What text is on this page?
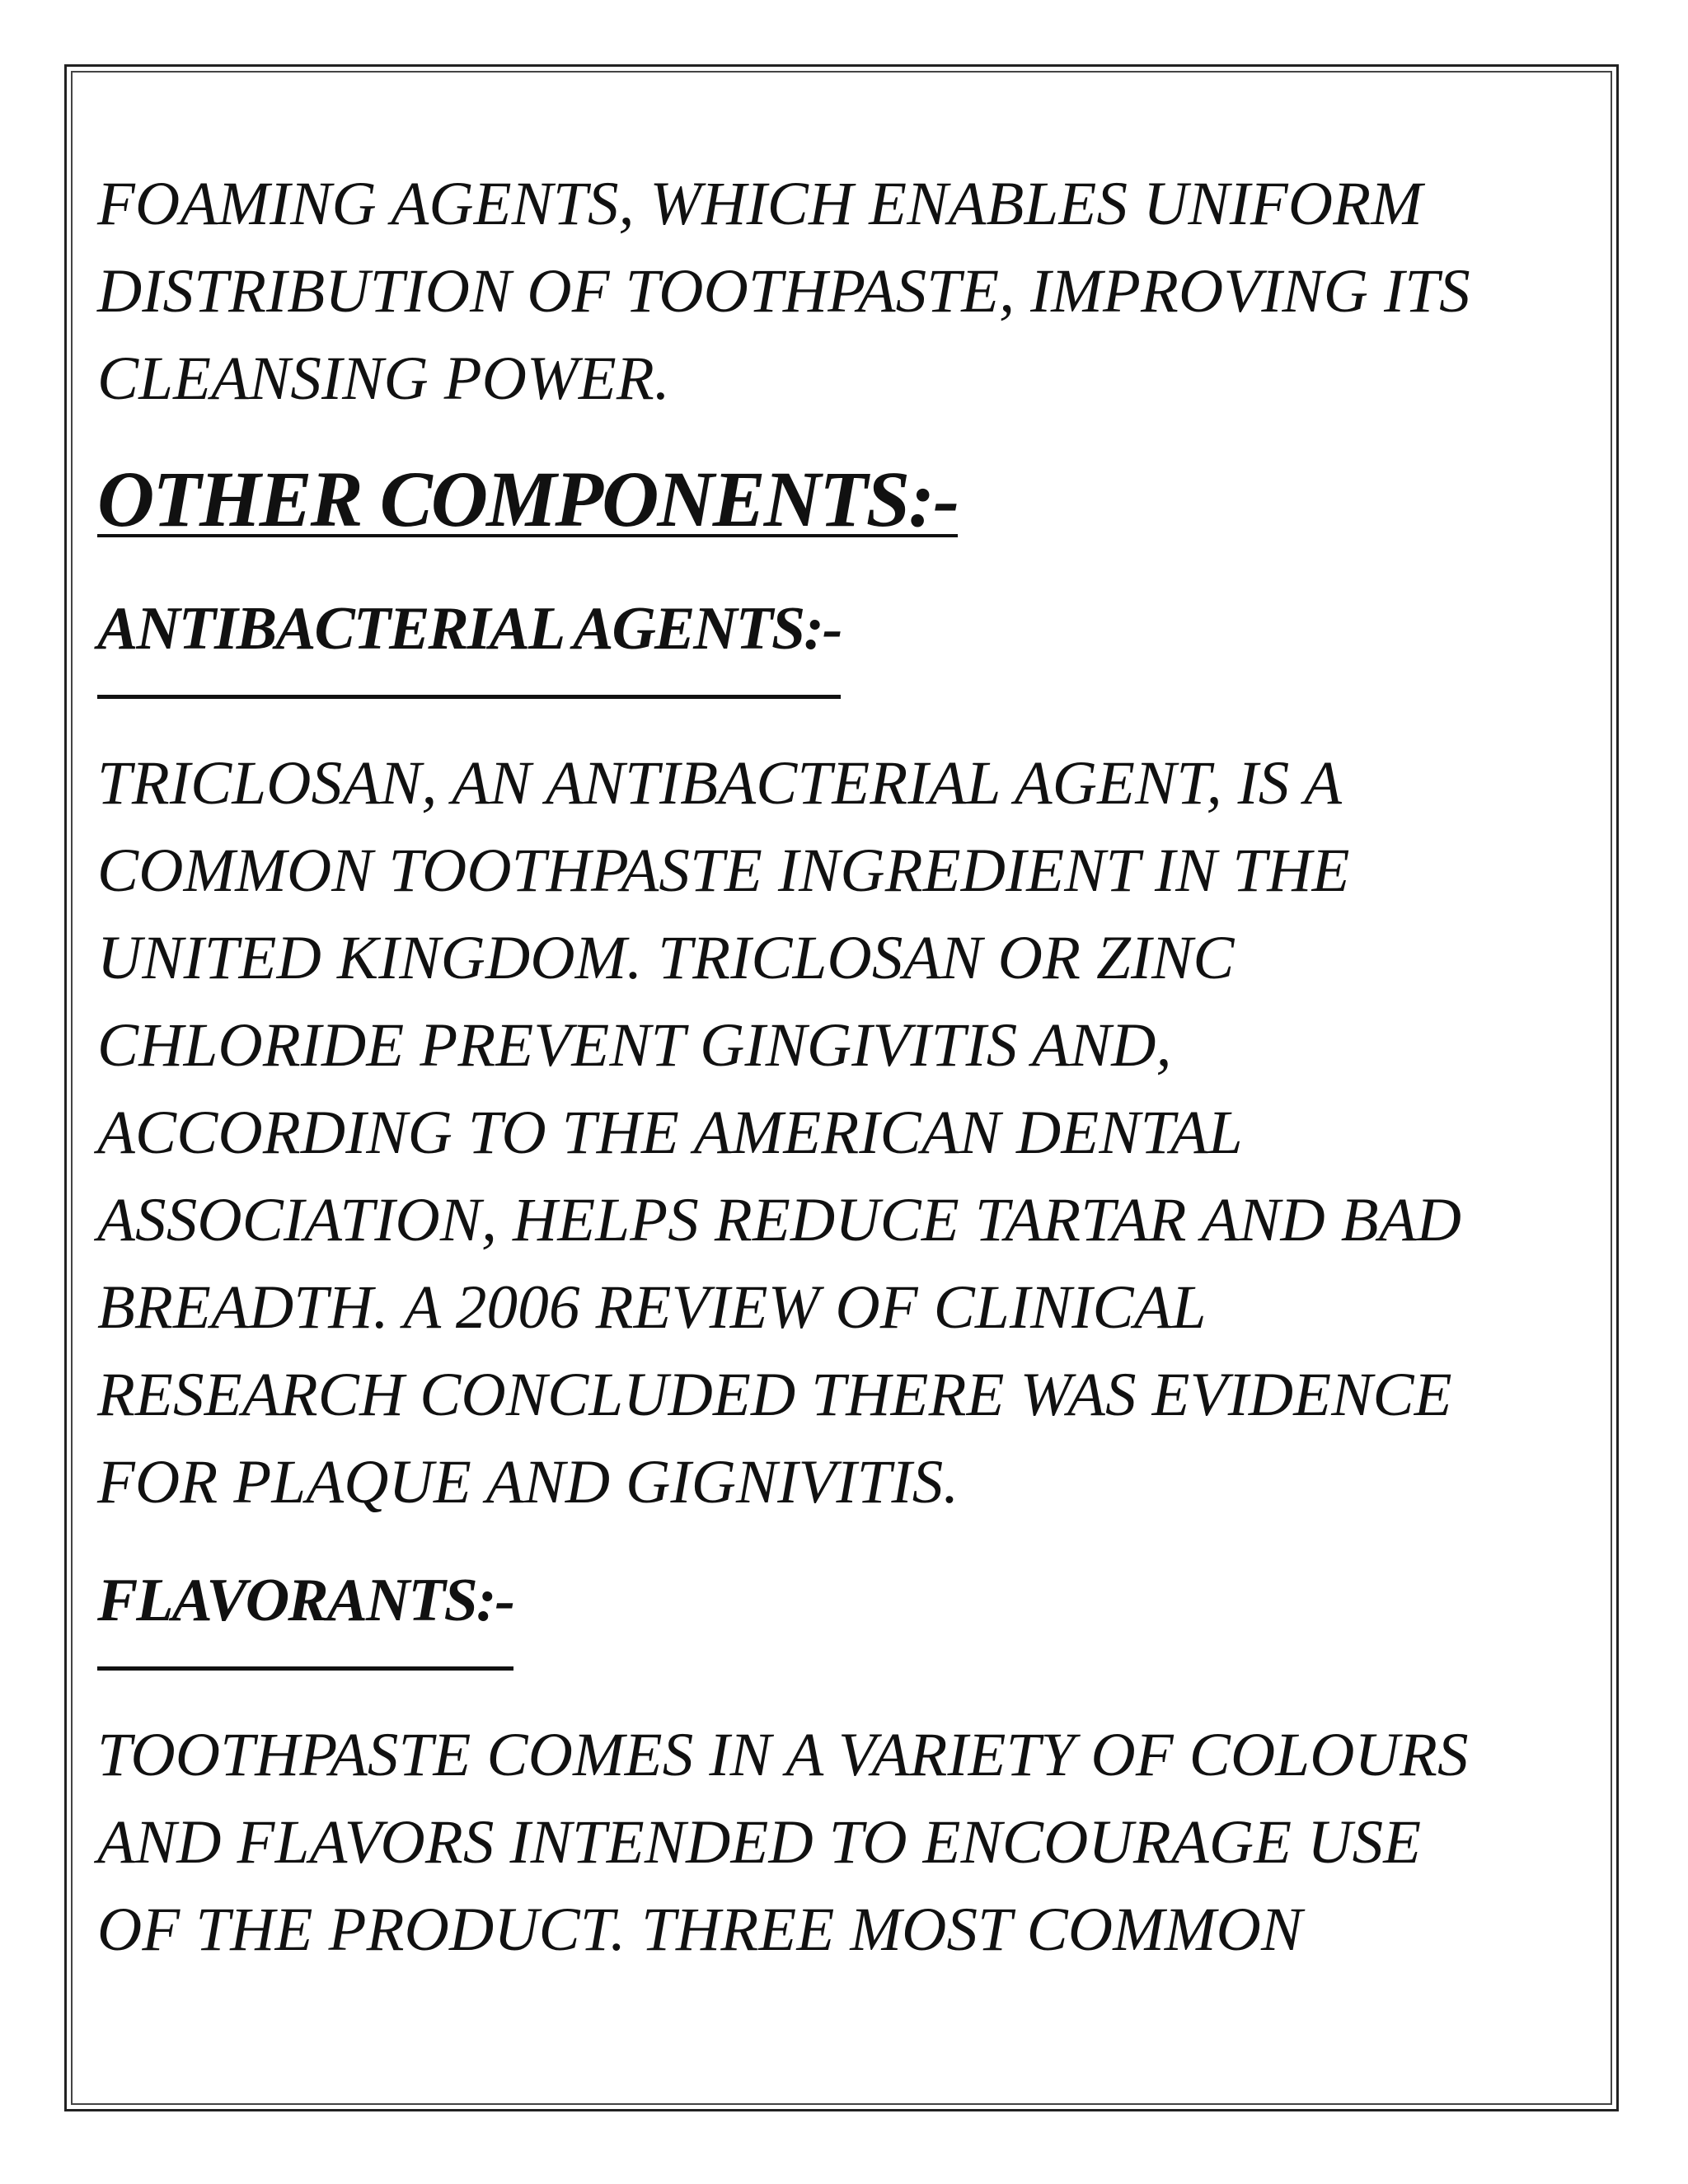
FOAMING AGENTS, WHICH ENABLES UNIFORM
DISTRIBUTION OF TOOTHPASTE, IMPROVING ITS
CLEANSING POWER.

OTHER COMPONENTS:-
ANTIBACTERIAL AGENTS:-

TRICLOSAN, AN ANTIBACTERIAL AGENT, IS A
COMMON TOOTHPASTE INGREDIENT IN THE
UNITED KINGDOM. TRICLOSAN OR ZINC
CHLORIDE PREVENT GINGIVITIS AND,
ACCORDING TO THE AMERICAN DENTAL
ASSOCIATION, HELPS REDUCE TARTAR AND BAD
BREADTH. A 2006 REVIEW OF CLINICAL
RESEARCH CONCLUDED THERE WAS EVIDENCE
FOR PLAQUE AND GIGNIVITIS.

FLAVORANTS:-

TOOTHPASTE COMES IN A VARIETY OF COLOURS
AND FLAVORS INTENDED TO ENCOURAGE USE
OF THE PRODUCT. THREE MOST COMMON
